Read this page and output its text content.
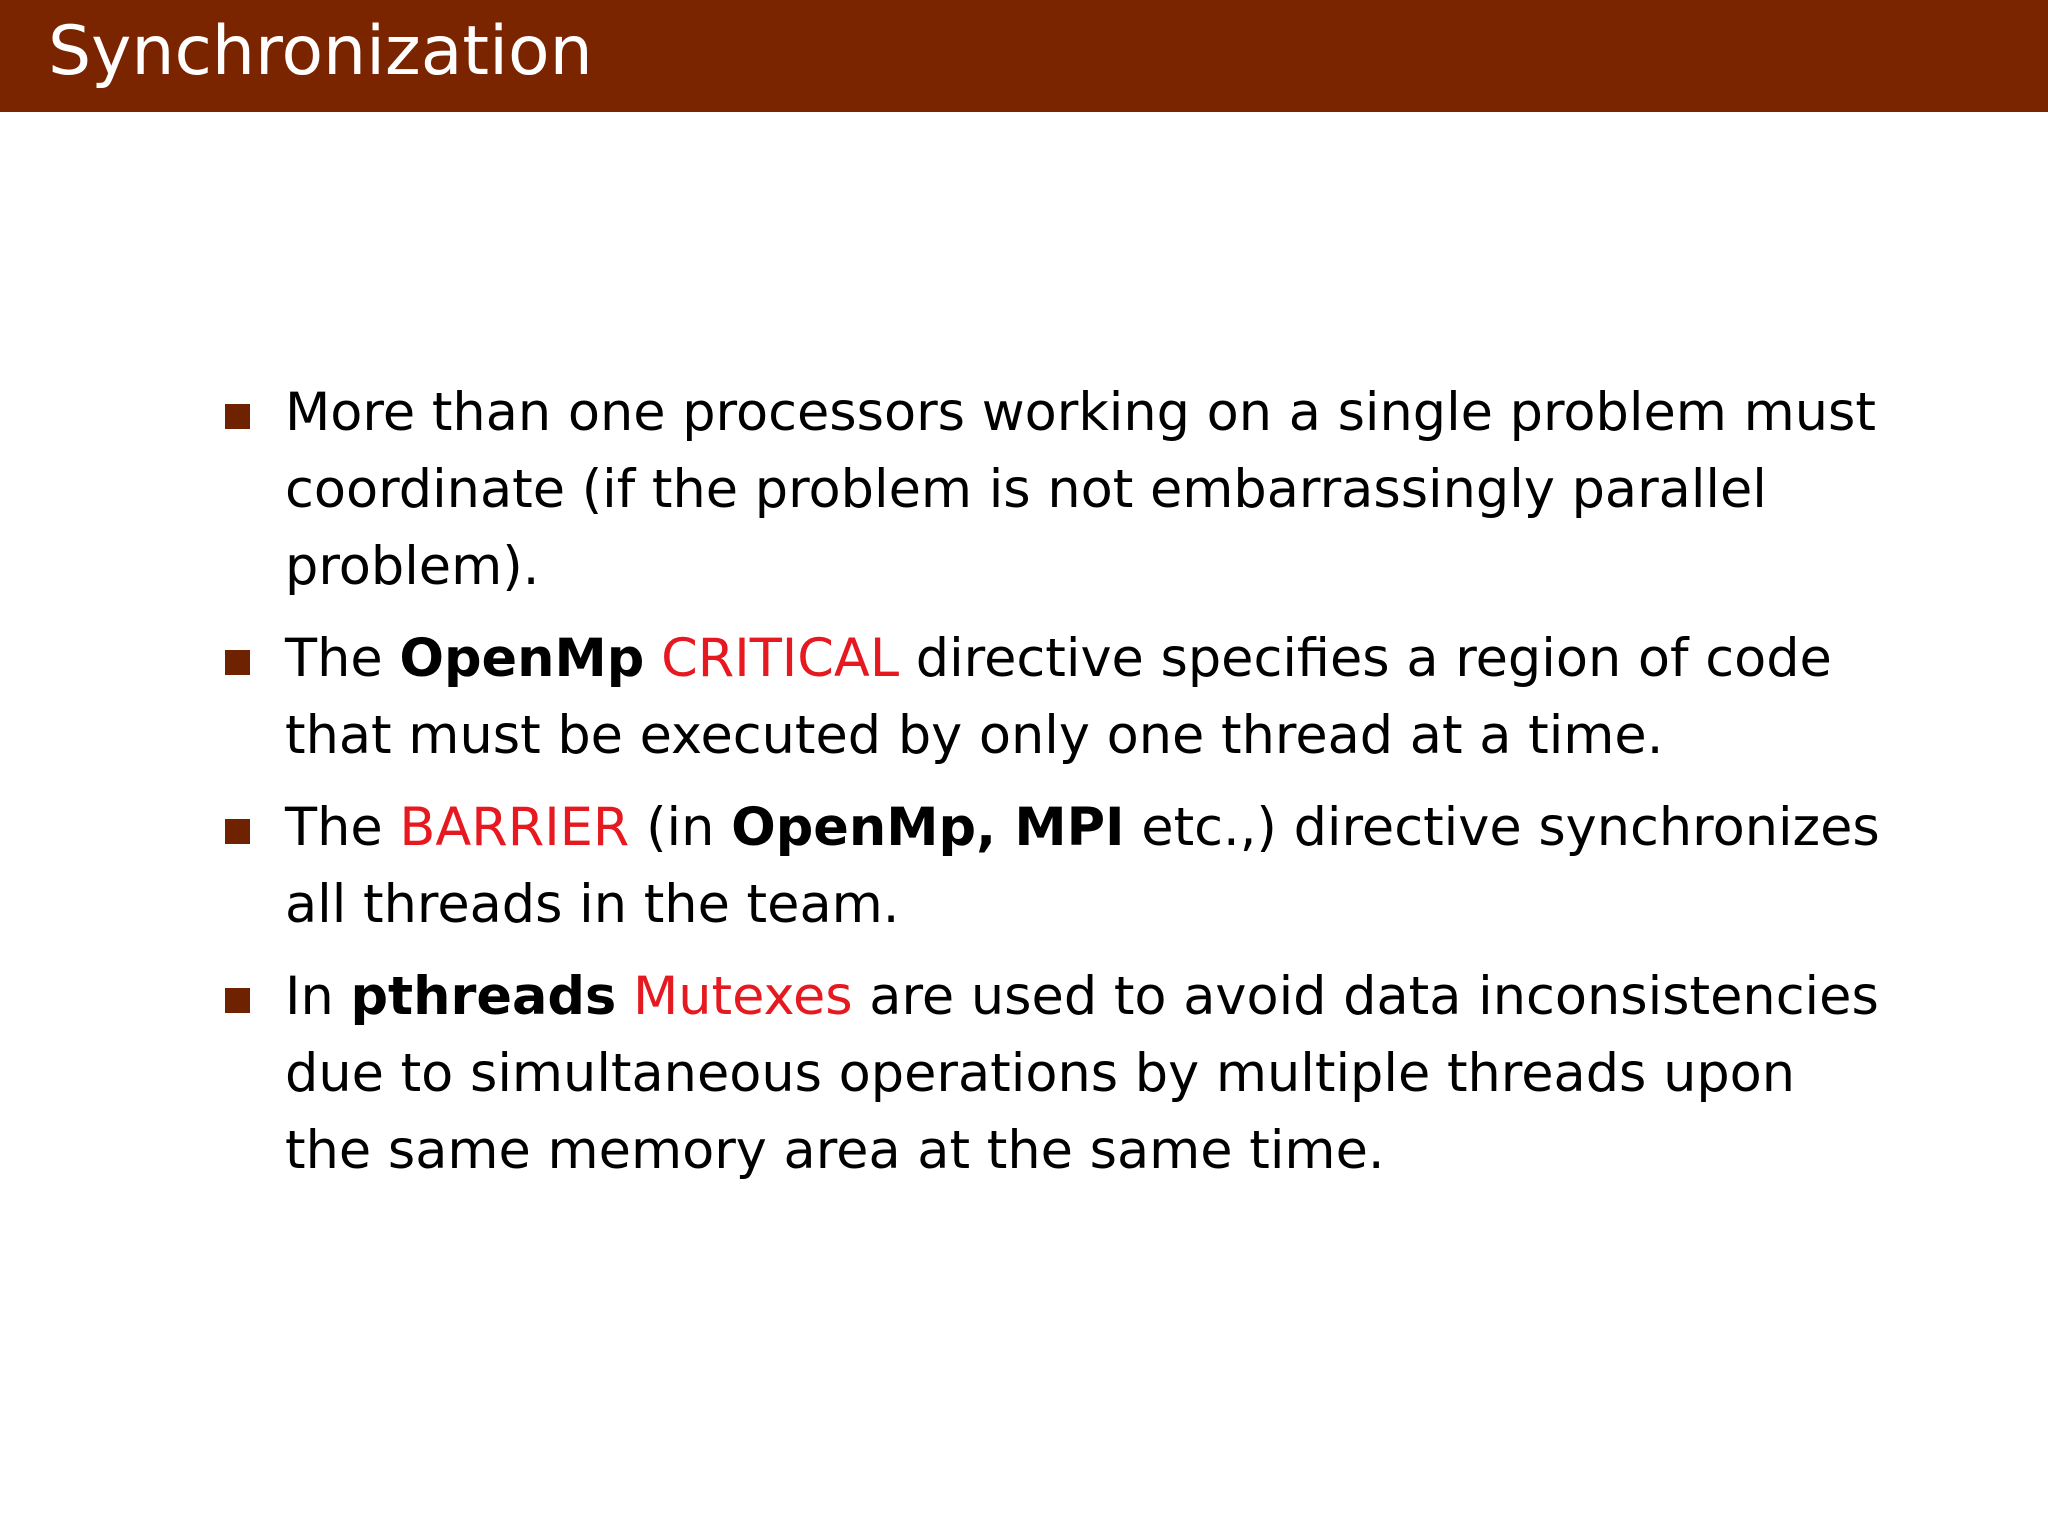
Synchronization
More than one processors working on a single problem must coordinate (if the problem is not embarrassingly parallel problem).
The OpenMp CRITICAL directive specifies a region of code that must be executed by only one thread at a time.
The BARRIER (in OpenMp, MPI etc.,) directive synchronizes all threads in the team.
In pthreads Mutexes are used to avoid data inconsistencies due to simultaneous operations by multiple threads upon the same memory area at the same time.
